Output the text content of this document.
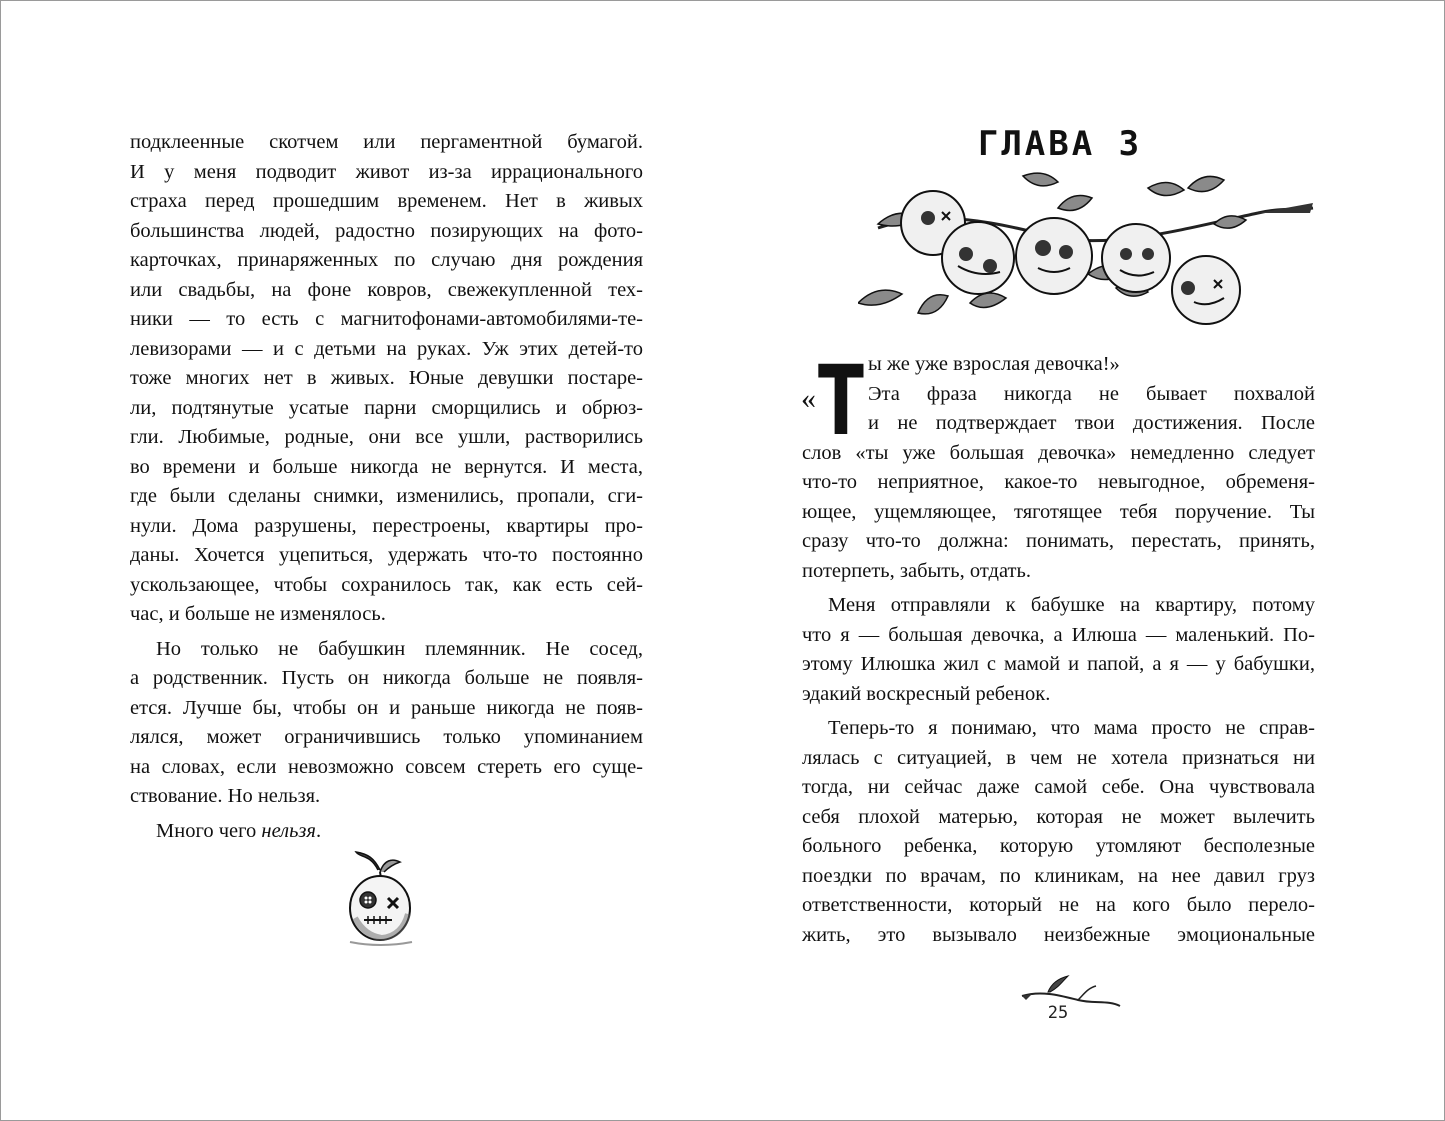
подклеенные скотчем или пергаментной бумагой.
И у меня подводит живот из-за иррационального
страха перед прошедшим временем. Нет в живых
большинства людей, радостно позирующих на фото-
карточках, принаряженных по случаю дня рождения
или свадьбы, на фоне ковров, свежекупленной тех-
ники — то есть с магнитофонами-автомобилями-те-
левизорами — и с детьми на руках. Уж этих детей-то
тоже многих нет в живых. Юные девушки постаре-
ли, подтянутые усатые парни сморщились и обрюз-
гли. Любимые, родные, они все ушли, растворились
во времени и больше никогда не вернутся. И места,
где были сделаны снимки, изменились, пропали, сги-
нули. Дома разрушены, перестроены, квартиры про-
даны. Хочется уцепиться, удержать что-то постоянно
ускользающее, чтобы сохранилось так, как есть сей-
час, и больше не изменялось.
Но только не бабушкин племянник. Не сосед,
а родственник. Пусть он никогда больше не появля-
ется. Лучше бы, чтобы он и раньше никогда не появ-
лялся, может ограничившись только упоминанием
на словах, если невозможно совсем стереть его суще-
ствование. Но нельзя.
Много чего нельзя.
ГЛАВА 3
Т
«
ы же уже взрослая девочка!»
Эта фраза никогда не бывает похвалой
и не подтверждает твои достижения. После
слов «ты уже большая девочка» немедленно следует
что-то неприятное, какое-то невыгодное, обременя-
ющее, ущемляющее, тяготящее тебя поручение. Ты
сразу что-то должна: понимать, перестать, принять,
потерпеть, забыть, отдать.
Меня отправляли к бабушке на квартиру, потому
что я — большая девочка, а Илюша — маленький. По-
этому Илюшка жил с мамой и папой, а я — у бабушки,
эдакий воскресный ребенок.
Теперь-то я понимаю, что мама просто не справ-
лялась с ситуацией, в чем не хотела признаться ни
тогда, ни сейчас даже самой себе. Она чувствовала
себя плохой матерью, которая не может вылечить
больного ребенка, которую утомляют бесполезные
поездки по врачам, по клиникам, на нее давил груз
ответственности, который не на кого было перело-
жить, это вызывало неизбежные эмоциональные
25
